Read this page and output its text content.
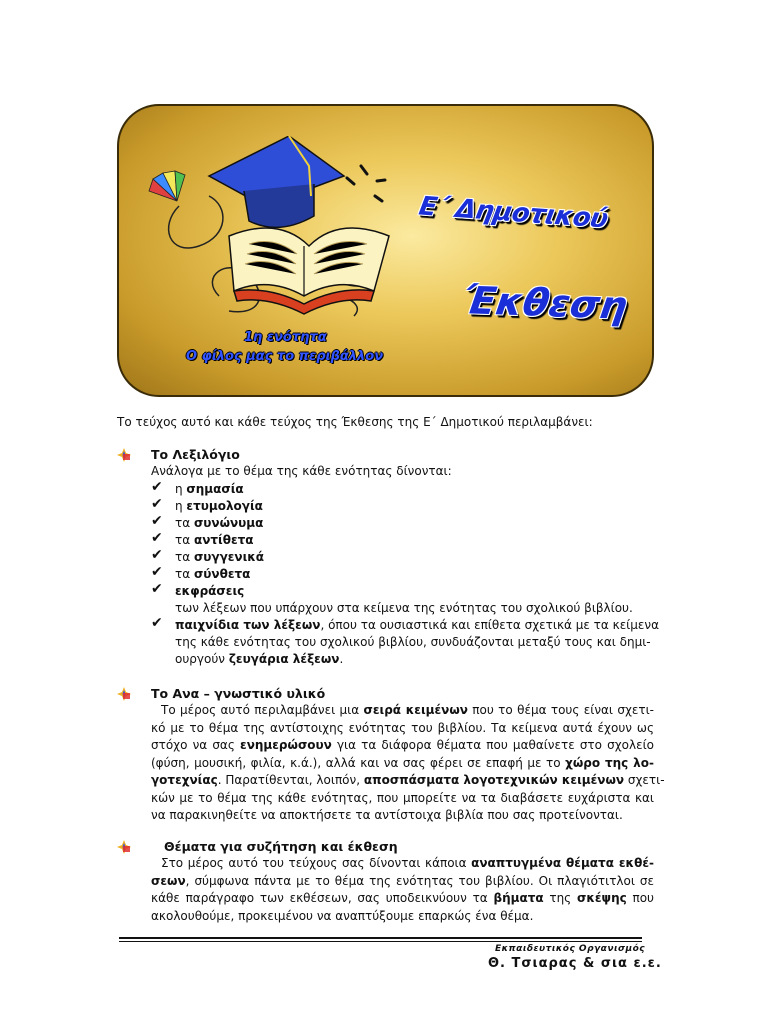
Ε΄ Δημοτικού
Έκθεση
1η ενότητα
Ο φίλος μας το περιβάλλον
Το τεύχος αυτό και κάθε τεύχος της Έκθεσης της Ε΄ Δημοτικού περιλαμβάνει:
Το Λεξιλόγιο
Ανάλογα με το θέμα της κάθε ενότητας δίνονται:
✔ η σημασία
✔ η ετυμολογία
✔ τα συνώνυμα
✔ τα αντίθετα
✔ τα συγγενικά
✔ τα σύνθετα
✔ εκφράσεις
των λέξεων που υπάρχουν στα κείμενα της ενότητας του σχολικού βιβλίου.
✔ παιχνίδια των λέξεων, όπου τα ουσιαστικά και επίθετα σχετικά με τα κείμενα
της κάθε ενότητας του σχολικού βιβλίου, συνδυάζονται μεταξύ τους και δημι-
ουργούν ζευγάρια λέξεων.
Το Ανα – γνωστικό υλικό
Το μέρος αυτό περιλαμβάνει μια σειρά κειμένων που το θέμα τους είναι σχετι-
κό με το θέμα της αντίστοιχης ενότητας του βιβλίου. Τα κείμενα αυτά έχουν ως
στόχο να σας ενημερώσουν για τα διάφορα θέματα που μαθαίνετε στο σχολείο
(φύση, μουσική, φιλία, κ.ά.), αλλά και να σας φέρει σε επαφή με το χώρο της λο-
γοτεχνίας. Παρατίθενται, λοιπόν, αποσπάσματα λογοτεχνικών κειμένων σχετι-
κών με το θέμα της κάθε ενότητας, που μπορείτε να τα διαβάσετε ευχάριστα και
να παρακινηθείτε να αποκτήσετε τα αντίστοιχα βιβλία που σας προτείνονται.
Θέματα για συζήτηση και έκθεση
Στο μέρος αυτό του τεύχους σας δίνονται κάποια αναπτυγμένα θέματα εκθέ-
σεων, σύμφωνα πάντα με το θέμα της ενότητας του βιβλίου. Οι πλαγιότιτλοι σε
κάθε παράγραφο των εκθέσεων, σας υποδεικνύουν τα βήματα της σκέψης που
ακολουθούμε, προκειμένου να αναπτύξουμε επαρκώς ένα θέμα.
Εκπαιδευτικός Οργανισμός
Θ. Τσιαρας & σια ε.ε.
